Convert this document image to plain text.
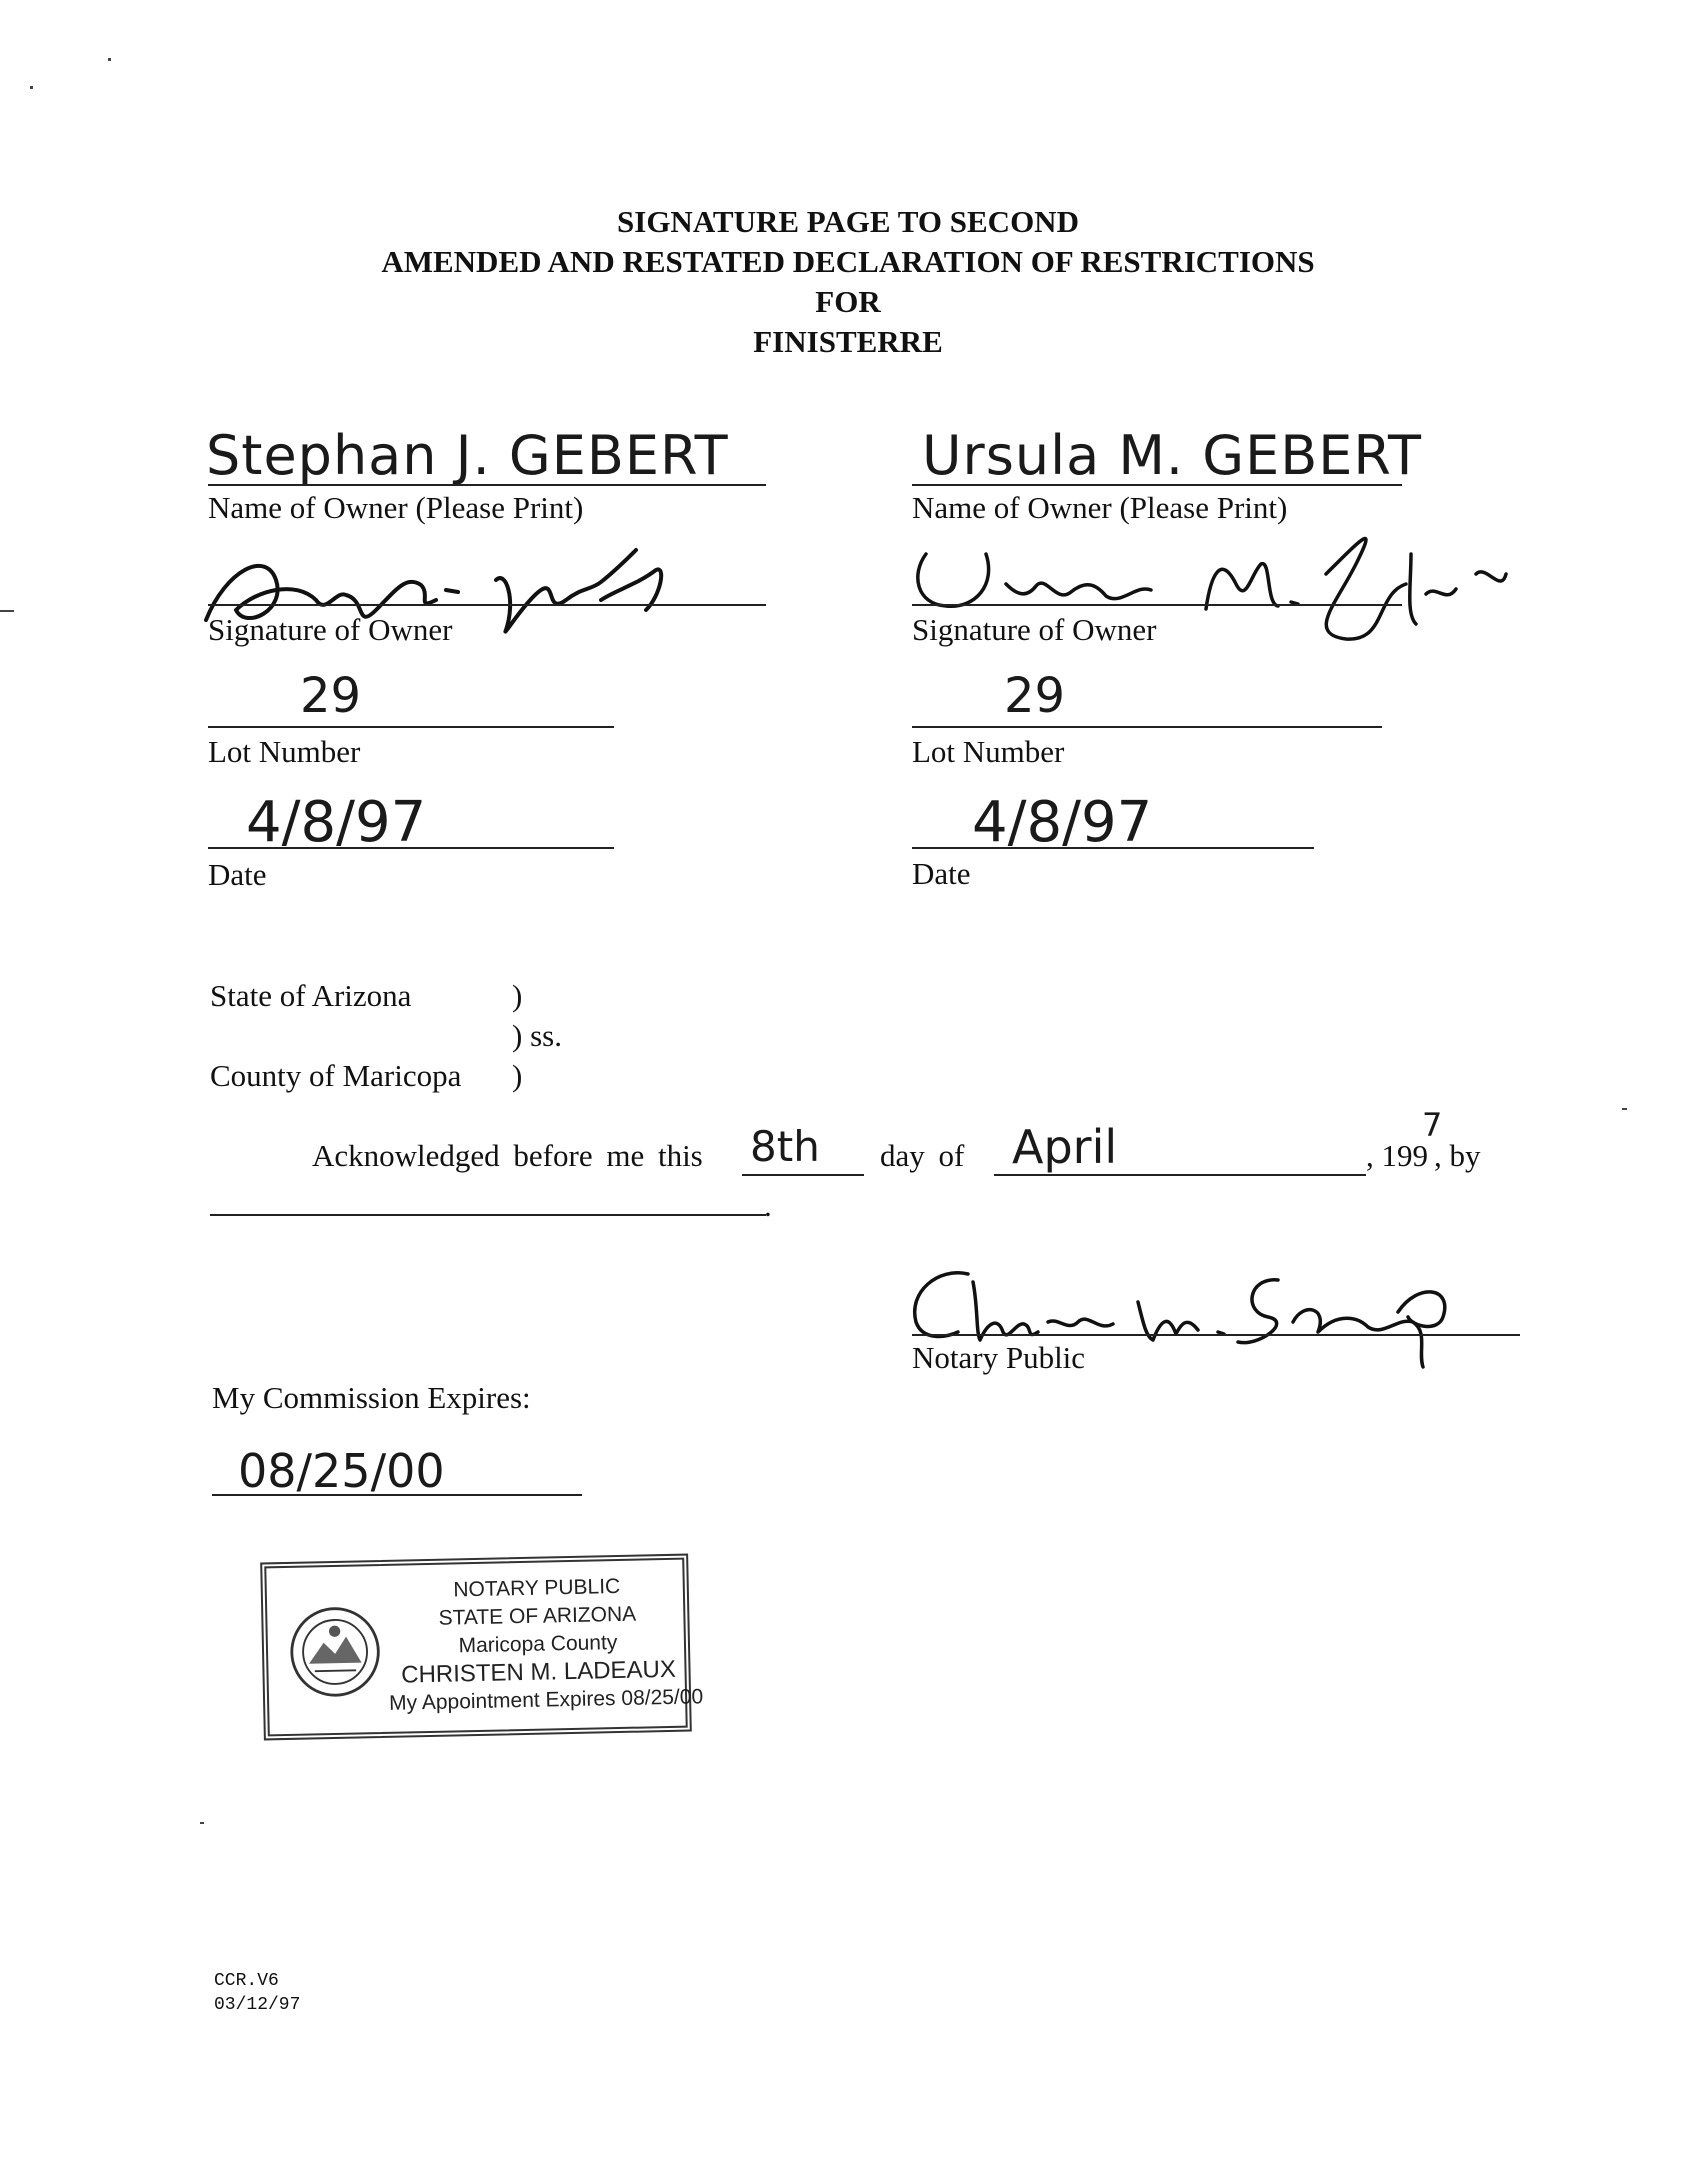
SIGNATURE PAGE TO SECOND
AMENDED AND RESTATED DECLARATION OF RESTRICTIONS
FOR
FINISTERRE
Stephan J. GEBERT
Name of Owner (Please Print)
Signature of Owner
29
Lot Number
4/8/97
Date
Ursula M. GEBERT
Name of Owner (Please Print)
Signature of Owner
29
Lot Number
4/8/97
Date
State of Arizona	)
) ss.
County of Maricopa )
Acknowledged before me this 8th day of April	, 199
7
, by
.
Notary Public
My Commission Expires:
08/25/00
NOTARY PUBLIC
STATE OF ARIZONA
Maricopa County
CHRISTEN M. LADEAUX
My Appointment Expires 08/25/00
CCR.V6
03/12/97
